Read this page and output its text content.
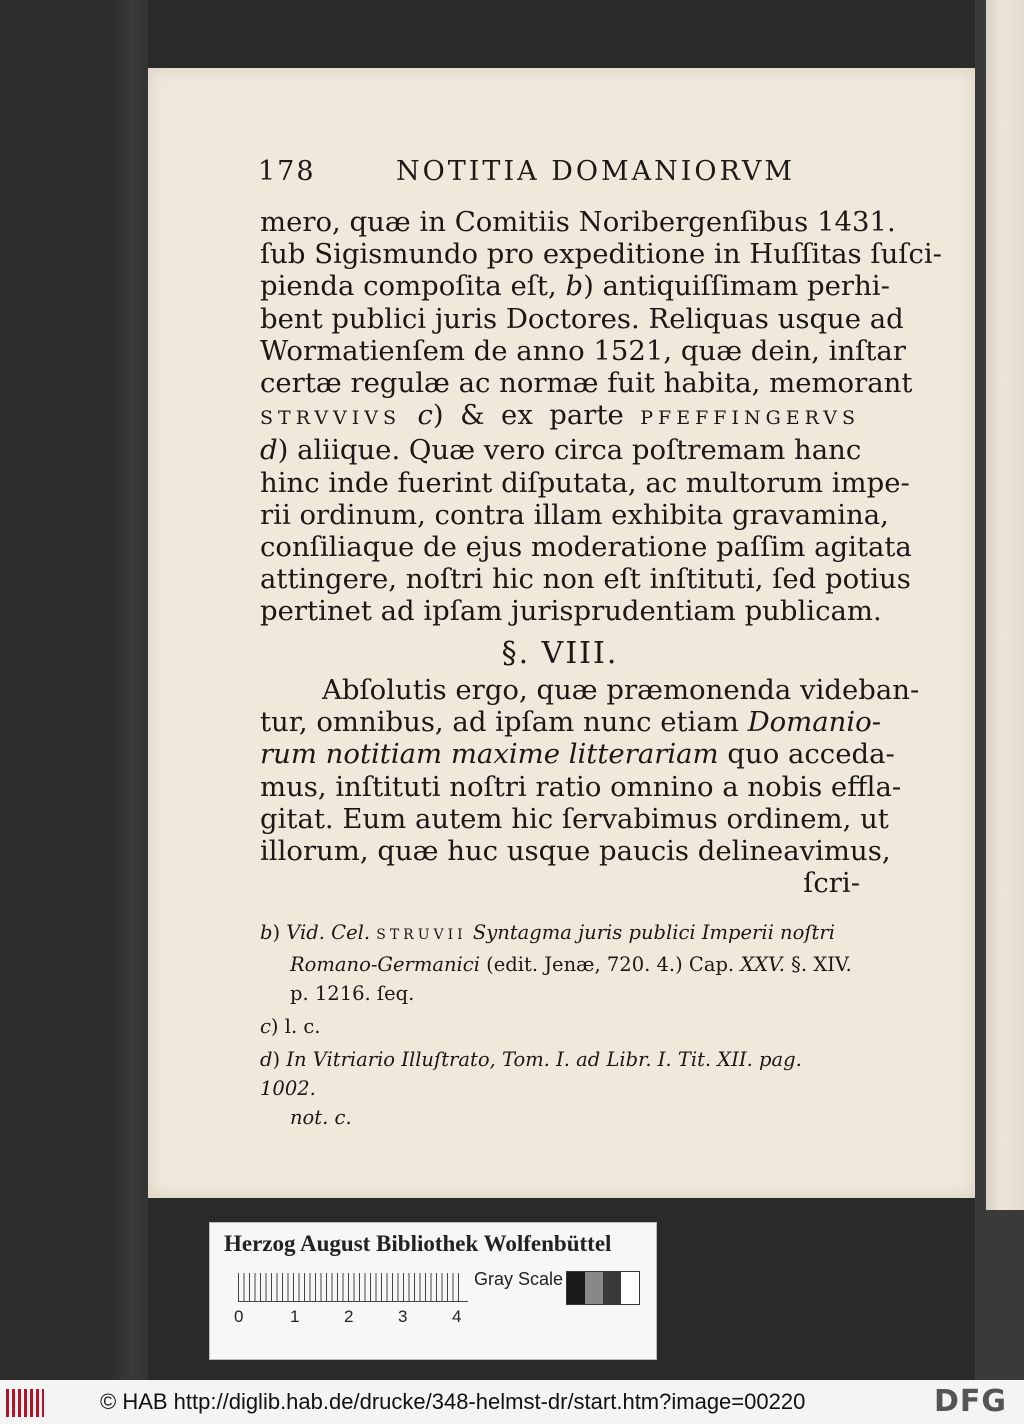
178	NOTITIA DOMANIORVM
mero, quæ in Comitiis Noribergenſibus 1431.
ſub Sigismundo pro expeditione in Huſſitas ſuſci-
pienda compoſita eſt, b) antiquiſſimam perhi-
bent publici juris Doctores. Reliquas usque ad
Wormatienſem de anno 1521, quæ dein, inſtar
certæ regulæ ac normæ fuit habita, memorant
STRVVIVS c) & ex parte PFEFFINGERVS
d) aliique. Quæ vero circa poſtremam hanc
hinc inde fuerint diſputata, ac multorum impe-
rii ordinum, contra illam exhibita gravamina,
conſiliaque de ejus moderatione paſſim agitata
attingere, noſtri hic non eſt inſtituti, ſed potius
pertinet ad ipſam jurisprudentiam publicam.
§. VIII.
Abſolutis ergo, quæ præmonenda videban-
tur, omnibus, ad ipſam nunc etiam Domanio-
rum notitiam maxime litterariam quo acceda-
mus, inſtituti noſtri ratio omnino a nobis effla-
gitat. Eum autem hic ſervabimus ordinem, ut
illorum, quæ huc usque paucis delineavimus,
ſcri-
b) Vid. Cel. STRUVII Syntagma juris publici Imperii noſtri
Romano-Germanici (edit. Jenæ, 720. 4.) Cap. XXV. §. XIV.
p. 1216. ſeq.
c) l. c.
d) In Vitriario Illuſtrato, Tom. I. ad Libr. I. Tit. XII. pag. 1002.
not. c.
Herzog August Bibliothek Wolfenbüttel
0	1	2	3	4
Gray Scale
© HAB http://diglib.hab.de/drucke/348-helmst-dr/start.htm?image=00220	DFG
